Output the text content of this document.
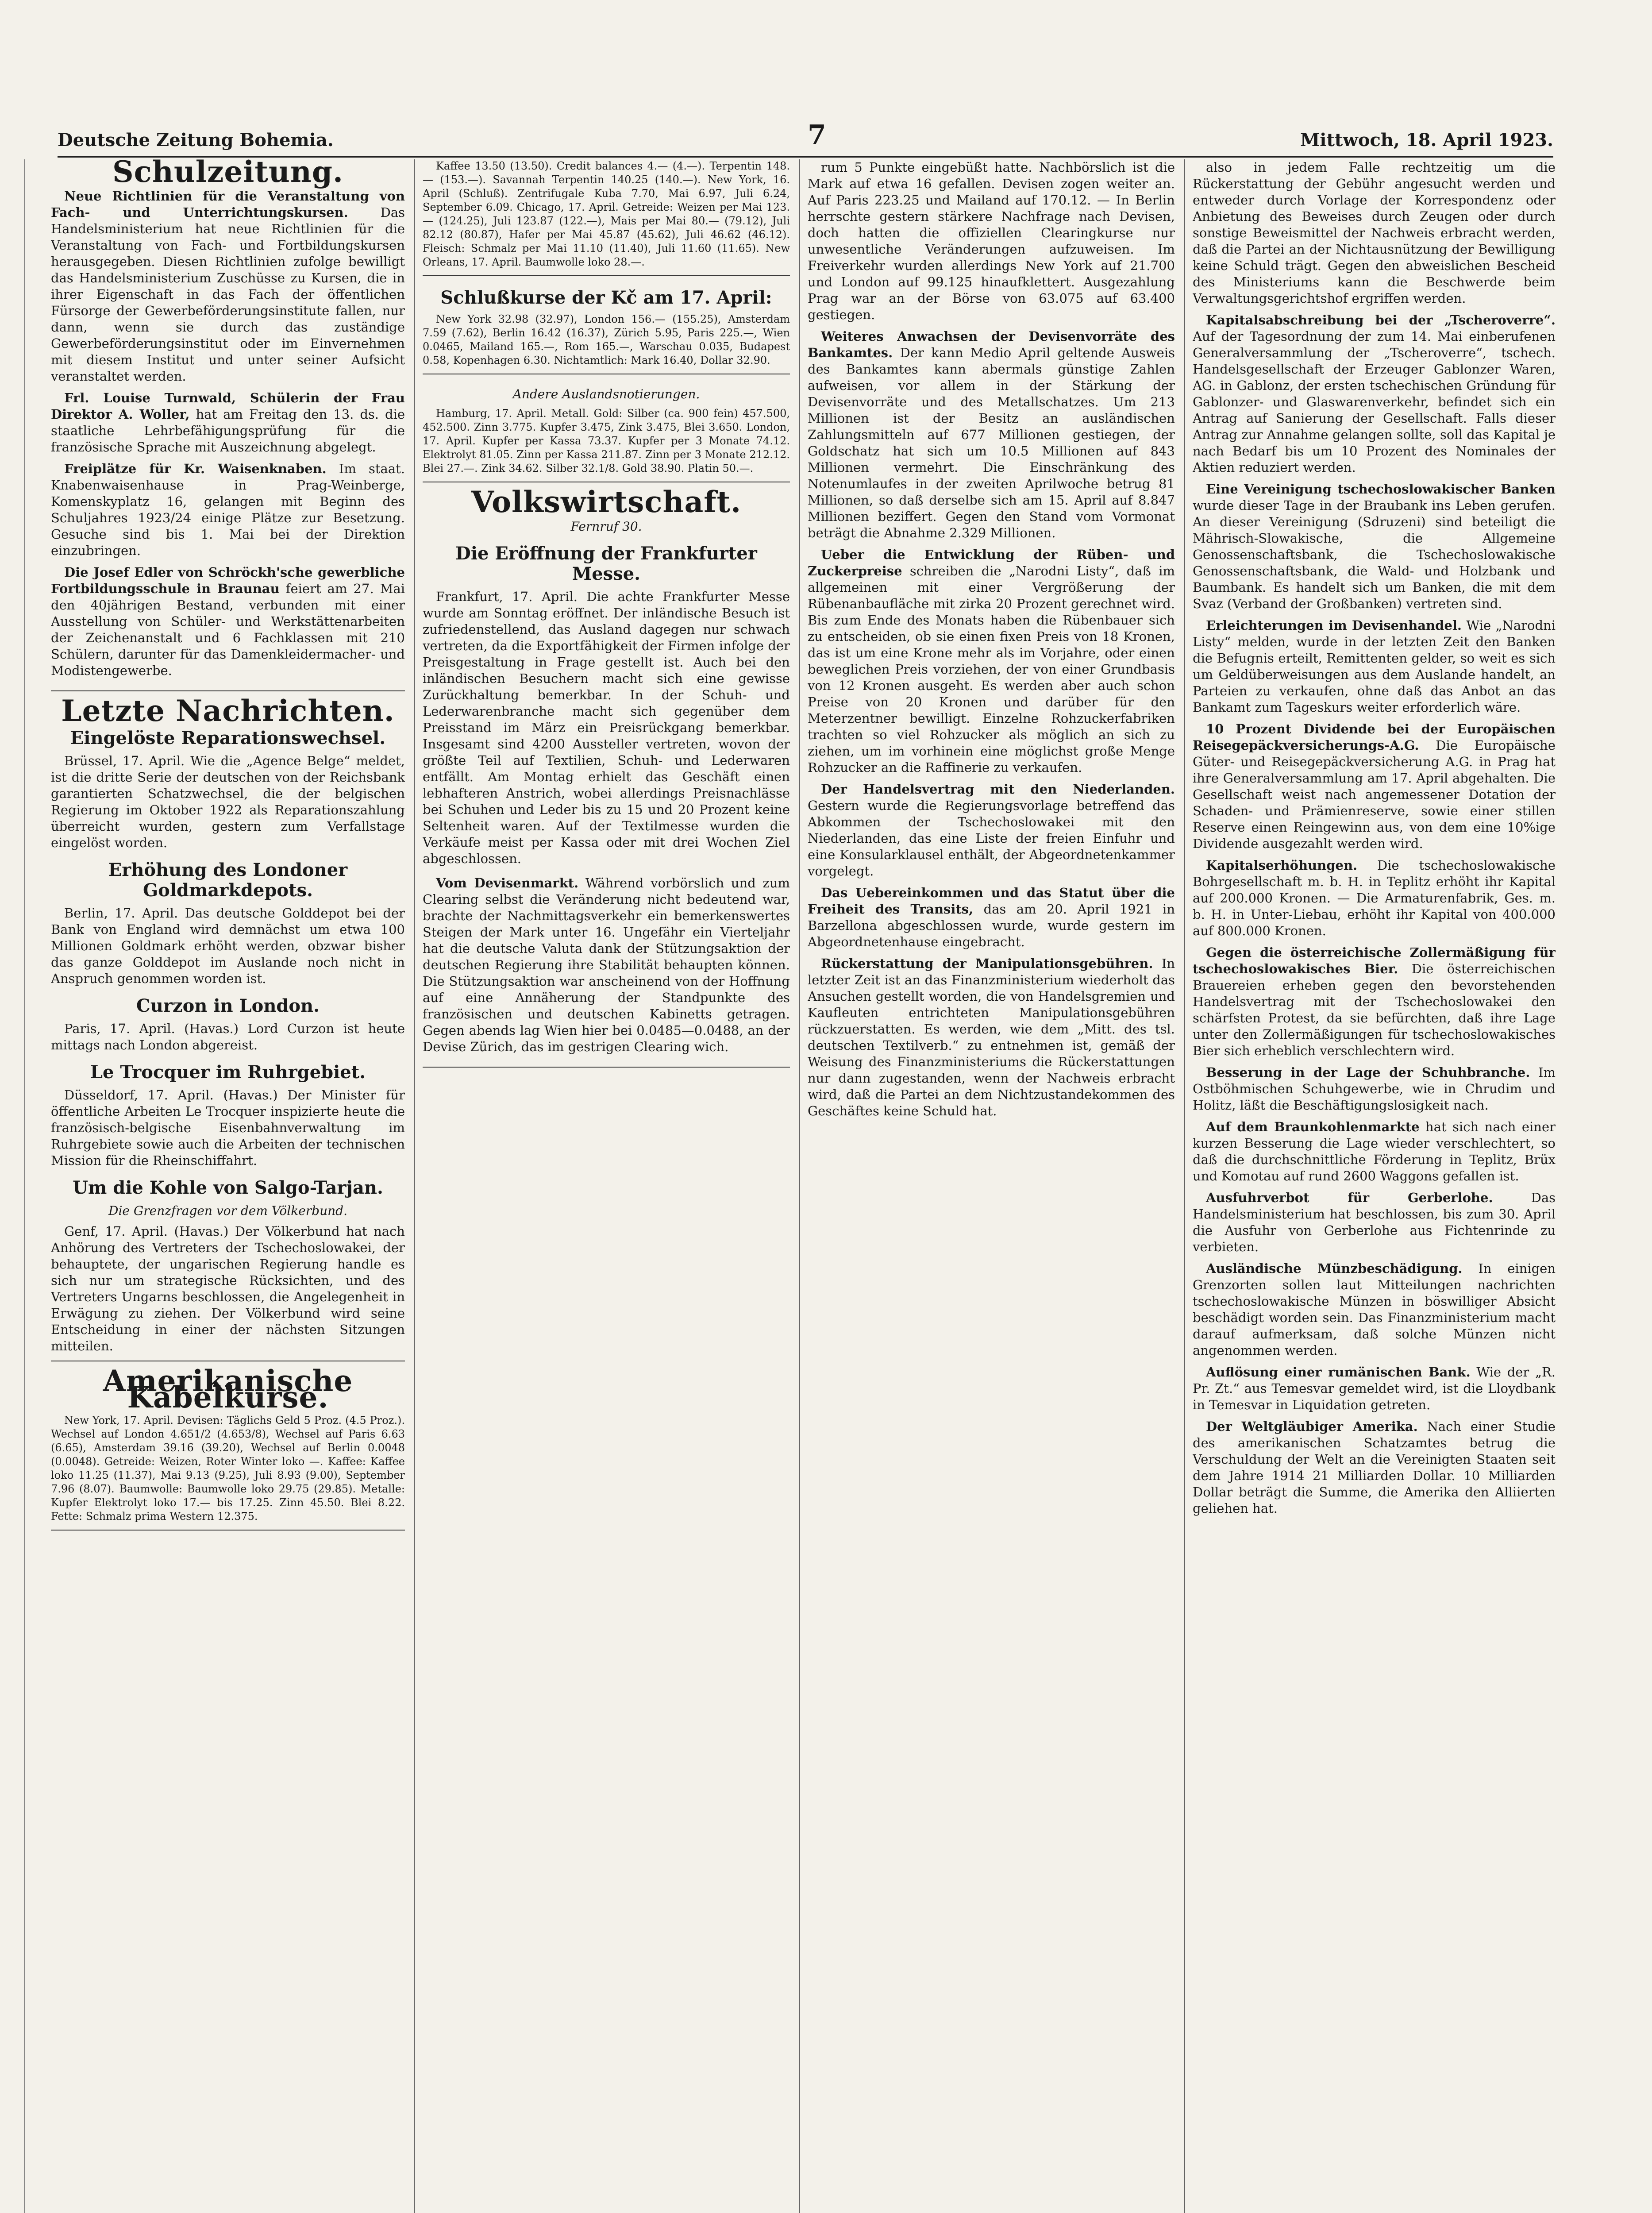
Deutsche Zeitung Bohemia.	7	Mittwoch, 18. April 1923.
Schulzeitung.

Neue Richtlinien für die Veranstaltung von Fach- und Unterrichtungskursen.	Das Handelsministerium hat neue Richtlinien für die Veranstaltung von Fach- und Fortbildungskursen herausgegeben. Diesen Richtlinien zufolge bewilligt das Handelsministerium Zuschüsse zu Kursen, die in ihrer Eigenschaft in das Fach der öffentlichen Fürsorge der Gewerbeförderungsinstitute fallen, nur dann, wenn sie durch das zuständige Gewerbeförderungsinstitut oder im Einvernehmen mit diesem Institut und unter seiner Aufsicht veranstaltet werden.

Frl. Louise Turnwald, Schülerin der Frau Direktor A. Woller, hat am Freitag den 13. ds. die staatliche Lehrbefähigungsprüfung für die französische Sprache mit Auszeichnung abgelegt.

Freiplätze für Kr. Waisenknaben. Im staat. Knabenwaisenhause in Prag-Weinberge, Komenskyplatz 16, gelangen mit Beginn des Schuljahres 1923/24 einige Plätze zur Besetzung. Gesuche sind bis 1. Mai bei der Direktion einzubringen.

Die Josef Edler von Schröckh'sche gewerbliche Fortbildungsschule in Braunau feiert am 27. Mai den 40jährigen Bestand, verbunden mit einer Ausstellung von Schüler- und Werkstättenarbeiten der Zeichenanstalt und 6 Fachklassen mit 210 Schülern, darunter für das Damenkleidermacher- und Modistengewerbe.

Letzte Nachrichten.
Eingelöste Reparationswechsel.

Brüssel, 17. April. Wie die „Agence Belge“ meldet, ist die dritte Serie der deutschen von der Reichsbank garantierten Schatzwechsel, die der belgischen Regierung im Oktober 1922 als Reparationszahlung überreicht wurden, gestern zum Verfallstage eingelöst worden.

Erhöhung des Londoner Goldmarkdepots.

Berlin, 17. April. Das deutsche Golddepot bei der Bank von England wird demnächst um etwa 100 Millionen Goldmark erhöht werden, obzwar bisher das ganze Golddepot im Auslande noch nicht in Anspruch genommen worden ist.

Curzon in London.

Paris, 17. April. (Havas.) Lord Curzon ist heute mittags nach London abgereist.

Le Trocquer im Ruhrgebiet.

Düsseldorf, 17. April. (Havas.) Der Minister für öffentliche Arbeiten Le Trocquer inspizierte heute die französisch-belgische Eisenbahnverwaltung im Ruhrgebiete sowie auch die Arbeiten der technischen Mission für die Rheinschiffahrt.

Um die Kohle von Salgo-Tarjan.
Die Grenzfragen vor dem Völkerbund.

Genf, 17. April. (Havas.) Der Völkerbund hat nach Anhörung des Vertreters der Tschechoslowakei, der behauptete, der ungarischen Regierung handle es sich nur um strategische Rücksichten, und des Vertreters Ungarns beschlossen, die Angelegenheit in Erwägung zu ziehen. Der Völkerbund wird seine Entscheidung in einer der nächsten Sitzungen mitteilen.

Amerikanische Kabelkurse.

New York, 17. April. Devisen: Täglichs Geld 5 Proz. (4.5 Proz.). Wechsel auf London 4.651/2 (4.653/8), Wechsel auf Paris 6.63 (6.65), Amsterdam 39.16 (39.20), Wechsel auf Berlin 0.0048 (0.0048). Getreide: Weizen, Roter Winter loko —. Kaffee: Kaffee loko 11.25 (11.37), Mai 9.13 (9.25), Juli 8.93 (9.00), September 7.96 (8.07). Baumwolle: Baumwolle loko 29.75 (29.85). Metalle: Kupfer Elektrolyt loko 17.— bis 17.25. Zinn 45.50. Blei 8.22. Fette: Schmalz prima Western 12.375.

Kaffee 13.50 (13.50). Credit balances 4.— (4.—). Terpentin 148.— (153.—). Savannah Terpentin 140.25 (140.—). New York, 16. April (Schluß). Zentrifugale Kuba 7.70, Mai 6.97, Juli 6.24, September 6.09. Chicago, 17. April. Getreide: Weizen per Mai 123.— (124.25), Juli 123.87 (122.—), Mais per Mai 80.— (79.12), Juli 82.12 (80.87), Hafer per Mai 45.87 (45.62), Juli 46.62 (46.12). Fleisch: Schmalz per Mai 11.10 (11.40), Juli 11.60 (11.65). New Orleans, 17. April. Baumwolle loko 28.—.

Schlußkurse der Kč am 17. April:

New York 32.98 (32.97), London 156.— (155.25), Amsterdam 7.59 (7.62), Berlin 16.42 (16.37), Zürich 5.95, Paris 225.—, Wien 0.0465, Mailand 165.—, Rom 165.—, Warschau 0.035, Budapest 0.58, Kopenhagen 6.30. Nichtamtlich: Mark 16.40, Dollar 32.90.

Andere Auslandsnotierungen.

Hamburg, 17. April. Metall. Gold: Silber (ca. 900 fein) 457.500, 452.500. Zinn 3.775. Kupfer 3.475, Zink 3.475, Blei 3.650. London, 17. April. Kupfer per Kassa 73.37. Kupfer per 3 Monate 74.12. Elektrolyt 81.05. Zinn per Kassa 211.87. Zinn per 3 Monate 212.12. Blei 27.—. Zink 34.62. Silber 32.1/8. Gold 38.90. Platin 50.—.

Volkswirtschaft.
Fernruf 30.
Die Eröffnung der Frankfurter Messe.

Frankfurt, 17. April. Die achte Frankfurter Messe wurde am Sonntag eröffnet. Der inländische Besuch ist zufriedenstellend, das Ausland dagegen nur schwach vertreten, da die Exportfähigkeit der Firmen infolge der Preisgestaltung in Frage gestellt ist. Auch bei den inländischen Besuchern macht sich eine gewisse Zurückhaltung bemerkbar. In der Schuh- und Lederwarenbranche macht sich gegenüber dem Preisstand im März ein Preisrückgang bemerkbar. Insgesamt sind 4200 Aussteller vertreten, wovon der größte Teil auf Textilien, Schuh- und Lederwaren entfällt. Am Montag erhielt das Geschäft einen lebhafteren Anstrich, wobei allerdings Preisnachlässe bei Schuhen und Leder bis zu 15 und 20 Prozent keine Seltenheit waren. Auf der Textilmesse wurden die Verkäufe meist per Kassa oder mit drei Wochen Ziel abgeschlossen.

Vom Devisenmarkt. Während vorbörslich und zum Clearing selbst die Veränderung nicht bedeutend war, brachte der Nachmittagsverkehr ein bemerkenswertes Steigen der Mark unter 16. Ungefähr ein Vierteljahr hat die deutsche Valuta dank der Stützungsaktion der deutschen Regierung ihre Stabilität behaupten können. Die Stützungsaktion war anscheinend von der Hoffnung auf eine Annäherung der Standpunkte des französischen und deutschen Kabinetts getragen. Gegen abends lag Wien hier bei 0.0485—0.0488, an der Devise Zürich, das im gestrigen Clearing wich.

rum 5 Punkte eingebüßt hatte. Nachbörslich ist die Mark auf etwa 16 gefallen. Devisen zogen weiter an. Auf Paris 223.25 und Mailand auf 170.12. — In Berlin herrschte gestern stärkere Nachfrage nach Devisen, doch hatten die offiziellen Clearingkurse nur unwesentliche Veränderungen aufzuweisen. Im Freiverkehr wurden allerdings New York auf 21.700 und London auf 99.125 hinaufklettert. Ausgezahlung Prag war an der Börse von 63.075 auf 63.400 gestiegen.

Weiteres Anwachsen der Devisenvorräte des Bankamtes. Der kann Medio April geltende Ausweis des Bankamtes kann abermals günstige Zahlen aufweisen, vor allem in der Stärkung der Devisenvorräte und des Metallschatzes. Um 213 Millionen ist der Besitz an ausländischen Zahlungsmitteln auf 677 Millionen gestiegen, der Goldschatz hat sich um 10.5 Millionen auf 843 Millionen vermehrt. Die Einschränkung des Notenumlaufes in der zweiten Aprilwoche betrug 81 Millionen, so daß derselbe sich am 15. April auf 8.847 Millionen beziffert. Gegen den Stand vom Vormonat beträgt die Abnahme 2.329 Millionen.

Ueber die Entwicklung der Rüben- und Zuckerpreise schreiben die „Narodni Listy“, daß im allgemeinen mit einer Vergrößerung der Rübenanbaufläche mit zirka 20 Prozent gerechnet wird. Bis zum Ende des Monats haben die Rübenbauer sich zu entscheiden, ob sie einen fixen Preis von 18 Kronen, das ist um eine Krone mehr als im Vorjahre, oder einen beweglichen Preis vorziehen, der von einer Grundbasis von 12 Kronen ausgeht. Es werden aber auch schon Preise von 20 Kronen und darüber für den Meterzentner bewilligt. Einzelne Rohzuckerfabriken trachten so viel Rohzucker als möglich an sich zu ziehen, um im vorhinein eine möglichst große Menge Rohzucker an die Raffinerie zu verkaufen.

Der Handelsvertrag mit den Niederlanden. Gestern wurde die Regierungsvorlage betreffend das Abkommen der Tschechoslowakei mit den Niederlanden, das eine Liste der freien Einfuhr und eine Konsularklausel enthält, der Abgeordnetenkammer vorgelegt.

Das Uebereinkommen und das Statut über die Freiheit des Transits, das am 20. April 1921 in Barzellona abgeschlossen wurde, wurde gestern im Abgeordnetenhause eingebracht.

Rückerstattung der Manipulationsgebühren. In letzter Zeit ist an das Finanzministerium wiederholt das Ansuchen gestellt worden, die von Handelsgremien und Kaufleuten entrichteten Manipulationsgebühren rückzuerstatten. Es werden, wie dem „Mitt. des tsl. deutschen Textilverb.“ zu entnehmen ist, gemäß der Weisung des Finanzministeriums die Rückerstattungen nur dann zugestanden, wenn der Nachweis erbracht wird, daß die Partei an dem Nichtzustandekommen des Geschäftes keine Schuld hat.

also in jedem Falle rechtzeitig um die Rückerstattung der Gebühr angesucht werden und entweder durch Vorlage der Korrespondenz oder Anbietung des Beweises durch Zeugen oder durch sonstige Beweismittel der Nachweis erbracht werden, daß die Partei an der Nichtausnützung der Bewilligung keine Schuld trägt. Gegen den abweislichen Bescheid des Ministeriums kann die Beschwerde beim Verwaltungsgerichtshof ergriffen werden.

Kapitalsabschreibung bei der „Tscheroverre“. Auf der Tagesordnung der zum 14. Mai einberufenen Generalversammlung der „Tscheroverre“, tschech. Handelsgesellschaft der Erzeuger Gablonzer Waren, AG. in Gablonz, der ersten tschechischen Gründung für Gablonzer- und Glaswarenverkehr, befindet sich ein Antrag auf Sanierung der Gesellschaft. Falls dieser Antrag zur Annahme gelangen sollte, soll das Kapital je nach Bedarf bis um 10 Prozent des Nominales der Aktien reduziert werden.

Eine Vereinigung tschechoslowakischer Banken wurde dieser Tage in der Braubank ins Leben gerufen. An dieser Vereinigung (Sdruzeni) sind beteiligt die Mährisch-Slowakische, die Allgemeine Genossenschaftsbank, die Tschechoslowakische Genossenschaftsbank, die Wald- und Holzbank und Baumbank. Es handelt sich um Banken, die mit dem Svaz (Verband der Großbanken) vertreten sind.

Erleichterungen im Devisenhandel. Wie „Narodni Listy“ melden, wurde in der letzten Zeit den Banken die Befugnis erteilt, Remittenten gelder, so weit es sich um Geldüberweisungen aus dem Auslande handelt, an Parteien zu verkaufen, ohne daß das Anbot an das Bankamt zum Tageskurs weiter erforderlich wäre.

10 Prozent Dividende bei der Europäischen Reisegepäckversicherungs-A.G. Die Europäische Güter- und Reisegepäckversicherung A.G. in Prag hat ihre Generalversammlung am 17. April abgehalten. Die Gesellschaft weist nach angemessener Dotation der Schaden- und Prämienreserve, sowie einer stillen Reserve einen Reingewinn aus, von dem eine 10%ige Dividende ausgezahlt werden wird.

Kapitalserhöhungen. Die tschechoslowakische Bohrgesellschaft m. b. H. in Teplitz erhöht ihr Kapital auf 200.000 Kronen. — Die Armaturenfabrik, Ges. m. b. H. in Unter-Liebau, erhöht ihr Kapital von 400.000 auf 800.000 Kronen.

Gegen die österreichische Zollermäßigung für tschechoslowakisches Bier. Die österreichischen Brauereien erheben gegen den bevorstehenden Handelsvertrag mit der Tschechoslowakei den schärfsten Protest, da sie befürchten, daß ihre Lage unter den Zollermäßigungen für tschechoslowakisches Bier sich erheblich verschlechtern wird.

Besserung in der Lage der Schuhbranche. Im Ostböhmischen Schuhgewerbe, wie in Chrudim und Holitz, läßt die Beschäftigungslosigkeit nach.

Auf dem Braunkohlenmarkte hat sich nach einer kurzen Besserung die Lage wieder verschlechtert, so daß die durchschnittliche Förderung in Teplitz, Brüx und Komotau auf rund 2600 Waggons gefallen ist.

Ausfuhrverbot für Gerberlohe.	Das Handelsministerium hat beschlossen, bis zum 30. April die Ausfuhr von Gerberlohe aus Fichtenrinde zu verbieten.

Ausländische Münzbeschädigung. In einigen Grenzorten sollen laut Mitteilungen nachrichten tschechoslowakische Münzen in böswilliger Absicht beschädigt worden sein. Das Finanzministerium macht darauf aufmerksam, daß solche Münzen nicht angenommen werden.

Auflösung einer rumänischen Bank. Wie der „R. Pr. Zt.“ aus Temesvar gemeldet wird, ist die Lloydbank in Temesvar in Liquidation getreten.

Der Weltgläubiger Amerika. Nach einer Studie des amerikanischen Schatzamtes betrug die Verschuldung der Welt an die Vereinigten Staaten seit dem Jahre 1914 21 Milliarden Dollar. 10 Milliarden Dollar beträgt die Summe, die Amerika den Alliierten geliehen hat.
